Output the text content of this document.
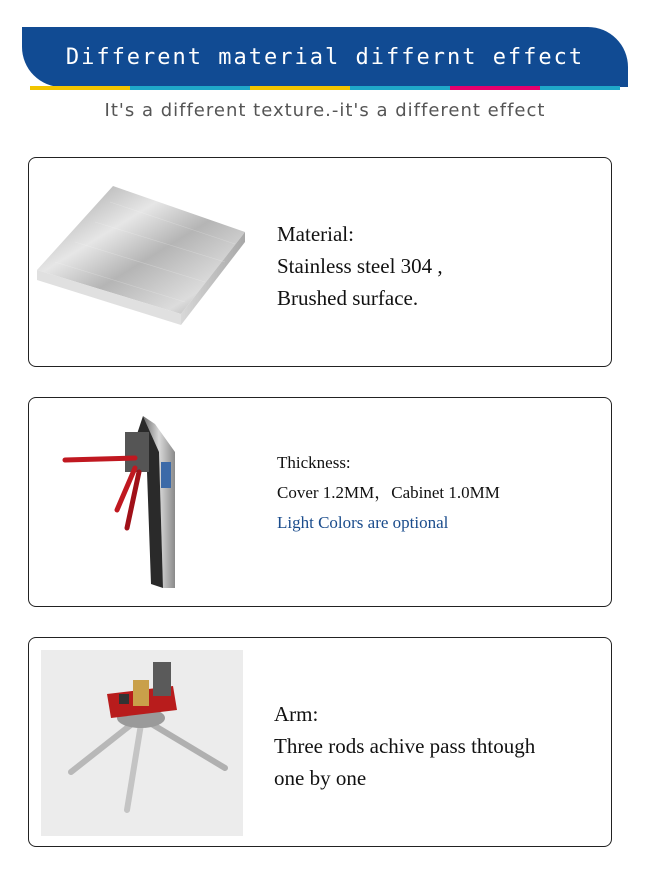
Different material differnt effect
It's a different texture.-it's a different effect
Material:
Stainless steel 304 ,
Brushed surface.
Thickness:
Cover 1.2MM，Cabinet 1.0MM
Light Colors are optional
Arm:
Three rods achive pass thtough
one by one
